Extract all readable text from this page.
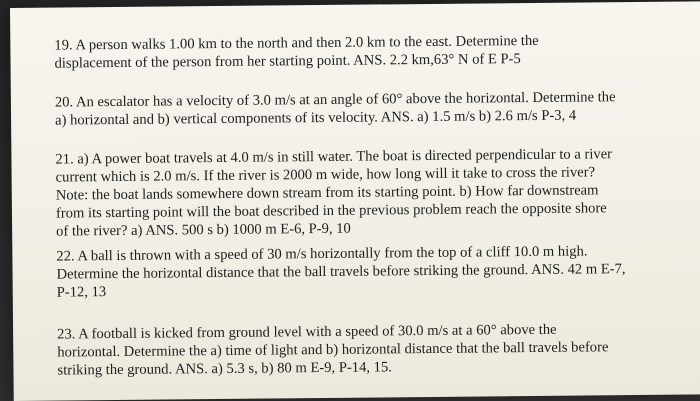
19. A person walks 1.00 km to the north and then 2.0 km to the east. Determine the
displacement of the person from her starting point. ANS. 2.2 km,63° N of E P-5
20. An escalator has a velocity of 3.0 m/s at an angle of 60° above the horizontal. Determine the
a) horizontal and b) vertical components of its velocity. ANS. a) 1.5 m/s b) 2.6 m/s P-3, 4
21. a) A power boat travels at 4.0 m/s in still water. The boat is directed perpendicular to a river
current which is 2.0 m/s. If the river is 2000 m wide, how long will it take to cross the river?
Note: the boat lands somewhere down stream from its starting point. b) How far downstream
from its starting point will the boat described in the previous problem reach the opposite shore
of the river? a) ANS. 500 s b) 1000 m E-6, P-9, 10
22. A ball is thrown with a speed of 30 m/s horizontally from the top of a cliff 10.0 m high.
Determine the horizontal distance that the ball travels before striking the ground. ANS. 42 m E-7,
P-12, 13
23. A football is kicked from ground level with a speed of 30.0 m/s at a 60° above the
horizontal. Determine the a) time of light and b) horizontal distance that the ball travels before
striking the ground. ANS. a) 5.3 s, b) 80 m E-9, P-14, 15.
